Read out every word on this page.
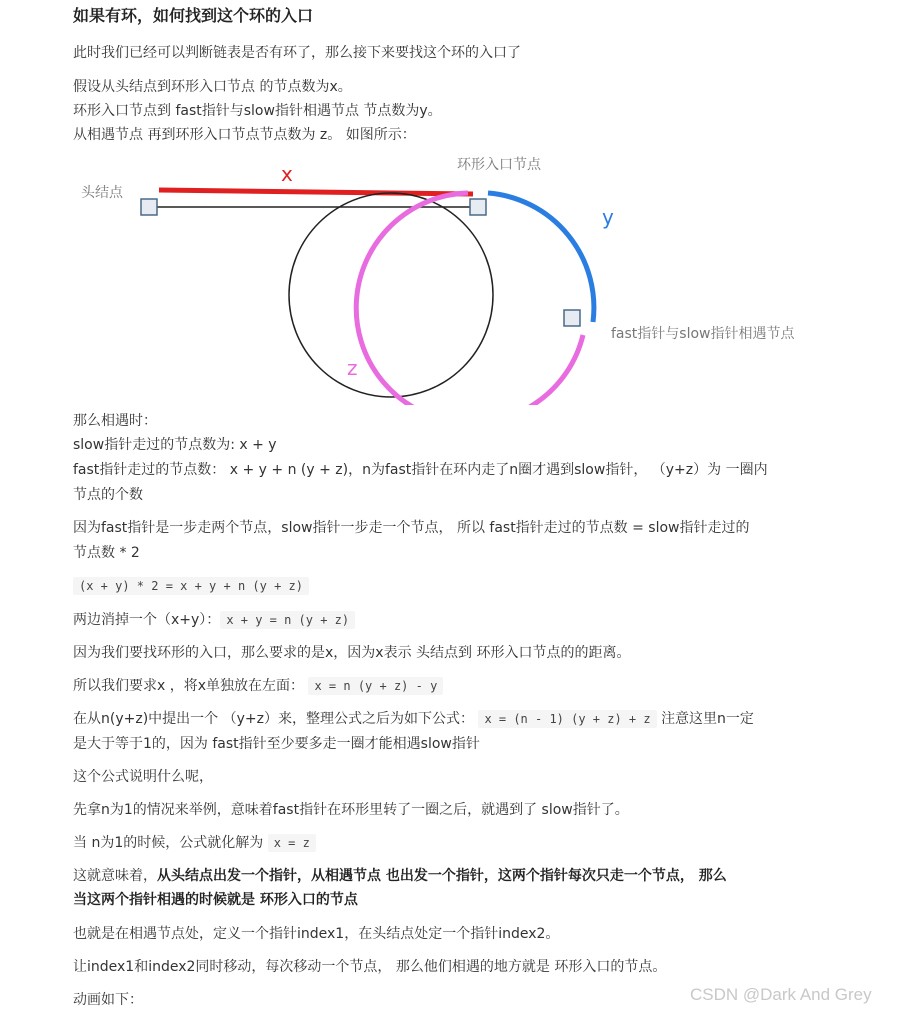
如果有环，如何找到这个环的入口
此时我们已经可以判断链表是否有环了，那么接下来要找这个环的入口了
假设从头结点到环形入口节点 的节点数为x。
环形入口节点到 fast指针与slow指针相遇节点 节点数为y。
从相遇节点 再到环形入口节点节点数为 z。 如图所示：
头结点
环形入口节点
fast指针与slow指针相遇节点
x
y
z
那么相遇时：
slow指针走过的节点数为: x + y
fast指针走过的节点数： x + y + n (y + z)，n为fast指针在环内走了n圈才遇到slow指针， （y+z）为 一圈内
节点的个数
因为fast指针是一步走两个节点，slow指针一步走一个节点， 所以 fast指针走过的节点数 = slow指针走过的
节点数 * 2
(x + y) * 2 = x + y + n (y + z)
两边消掉一个（x+y）： x + y = n (y + z)
因为我们要找环形的入口，那么要求的是x，因为x表示 头结点到 环形入口节点的的距离。
所以我们要求x ，将x单独放在左面： x = n (y + z) - y
在从n(y+z)中提出一个 （y+z）来，整理公式之后为如下公式： x = (n - 1) (y + z) + z 注意这里n一定
是大于等于1的，因为 fast指针至少要多走一圈才能相遇slow指针
这个公式说明什么呢，
先拿n为1的情况来举例，意味着fast指针在环形里转了一圈之后，就遇到了 slow指针了。
当 n为1的时候，公式就化解为 x = z
这就意味着，从头结点出发一个指针，从相遇节点 也出发一个指针，这两个指针每次只走一个节点， 那么
当这两个指针相遇的时候就是 环形入口的节点
也就是在相遇节点处，定义一个指针index1，在头结点处定一个指针index2。
让index1和index2同时移动，每次移动一个节点， 那么他们相遇的地方就是 环形入口的节点。
动画如下：	CSDN @Dark And Grey
